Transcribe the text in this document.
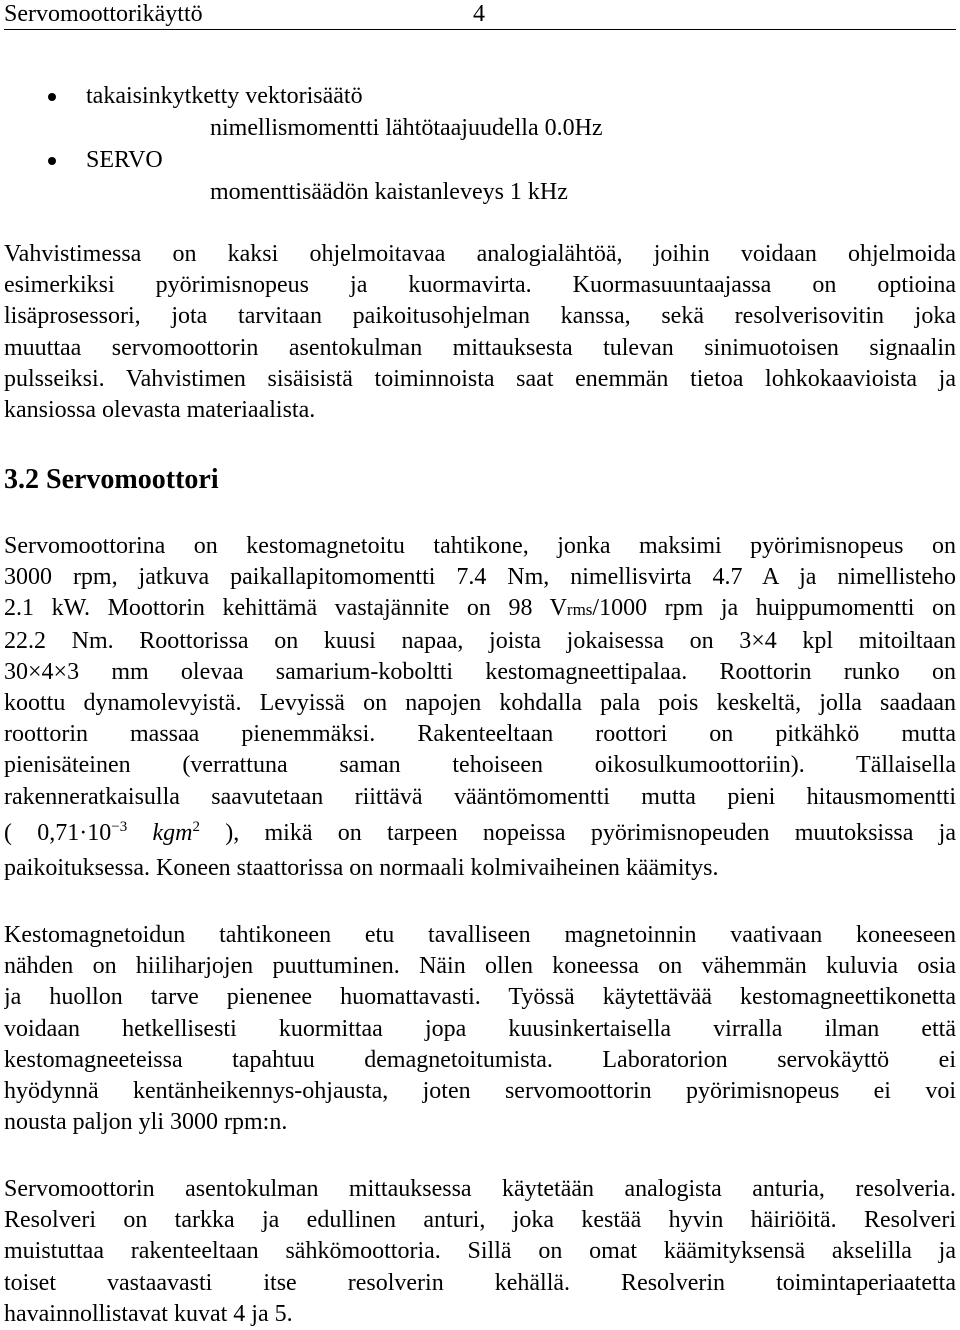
Servomoottorikäyttö	4
takaisinkytketty vektorisäätö
nimellismomentti lähtötaajuudella 0.0Hz
SERVO
momenttisäädön kaistanleveys 1 kHz
Vahvistimessa on kaksi ohjelmoitavaa analogialähtöä, joihin voidaan ohjelmoida
esimerkiksi pyörimisnopeus ja kuormavirta. Kuormasuuntaajassa on optioina
lisäprosessori, jota tarvitaan paikoitusohjelman kanssa, sekä resolverisovitin joka
muuttaa servomoottorin asentokulman mittauksesta tulevan sinimuotoisen signaalin
pulsseiksi. Vahvistimen sisäisistä toiminnoista saat enemmän tietoa lohkokaavioista ja
kansiossa olevasta materiaalista.
3.2 Servomoottori
Servomoottorina on kestomagnetoitu tahtikone, jonka maksimi pyörimisnopeus on
3000 rpm, jatkuva paikallapitomomentti 7.4 Nm, nimellisvirta 4.7 A ja nimellisteho
2.1 kW. Moottorin kehittämä vastajännite on 98 Vrms/1000 rpm ja huippumomentti on
22.2 Nm. Roottorissa on kuusi napaa, joista jokaisessa on 3×4 kpl mitoiltaan
30×4×3 mm olevaa samarium-koboltti kestomagneettipalaa. Roottorin runko on
koottu dynamolevyistä. Levyissä on napojen kohdalla pala pois keskeltä, jolla saadaan
roottorin massaa pienemmäksi. Rakenteeltaan roottori on pitkähkö mutta
pienisäteinen (verrattuna saman tehoiseen oikosulkumoottoriin). Tällaisella
rakenneratkaisulla saavutetaan riittävä vääntömomentti mutta pieni hitausmomentti
( $0,71\cdot 10^{-3}$ kgm$^2$ ), mikä on tarpeen nopeissa pyörimisnopeuden muutoksissa ja
paikoituksessa. Koneen staattorissa on normaali kolmivaiheinen käämitys.
Kestomagnetoidun tahtikoneen etu tavalliseen magnetoinnin vaativaan koneeseen
nähden on hiiliharjojen puuttuminen. Näin ollen koneessa on vähemmän kuluvia osia
ja huollon tarve pienenee huomattavasti. Työssä käytettävää kestomagneettikonetta
voidaan hetkellisesti kuormittaa jopa kuusinkertaisella virralla ilman että
kestomagneeteissa tapahtuu demagnetoitumista. Laboratorion servokäyttö ei
hyödynnä kentänheikennys-ohjausta, joten servomoottorin pyörimisnopeus ei voi
nousta paljon yli 3000 rpm:n.
Servomoottorin asentokulman mittauksessa käytetään analogista anturia, resolveria.
Resolveri on tarkka ja edullinen anturi, joka kestää hyvin häiriöitä. Resolveri
muistuttaa rakenteeltaan sähkömoottoria. Sillä on omat käämityksensä akselilla ja
toiset vastaavasti itse resolverin kehällä. Resolverin toimintaperiaatetta
havainnollistavat kuvat 4 ja 5.
